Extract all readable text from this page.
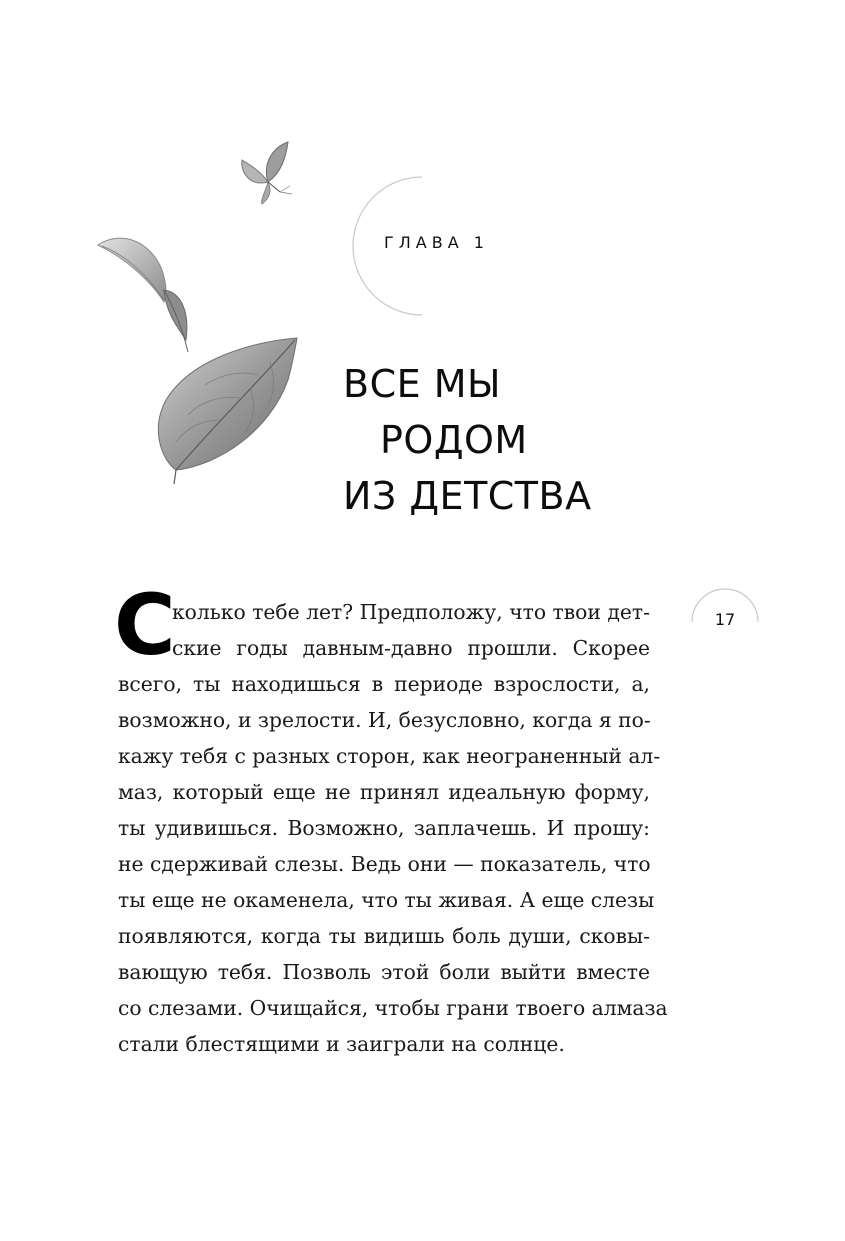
ГЛАВА 1
ВСЕ МЫ
РОДОМ
ИЗ ДЕТСТВА
17
С
колько тебе лет? Предположу, что твои дет-
ские годы давным-давно прошли. Скорее
всего, ты находишься в периоде взрослости, а,
возможно, и зрелости. И, безусловно, когда я по-
кажу тебя с разных сторон, как неограненный ал-
маз, который еще не принял идеальную форму,
ты удивишься. Возможно, заплачешь. И прошу:
не сдерживай слезы. Ведь они — показатель, что
ты еще не окаменела, что ты живая. А еще слезы
появляются, когда ты видишь боль души, сковы-
вающую тебя. Позволь этой боли выйти вместе
со слезами. Очищайся, чтобы грани твоего алмаза
стали блестящими и заиграли на солнце.
